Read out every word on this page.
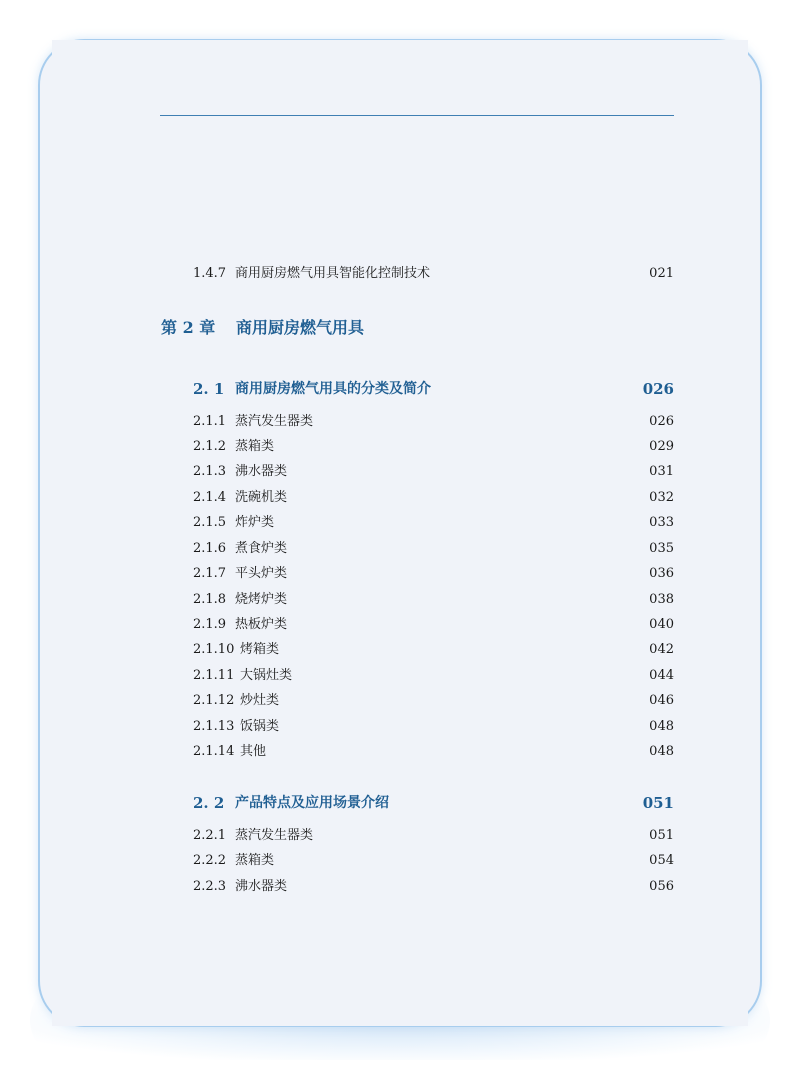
1.4.7 商用厨房燃气用具智能化控制技术	021
第 2 章 商用厨房燃气用具
2. 1 商用厨房燃气用具的分类及简介	026
2.1.1 蒸汽发生器类	026
2.1.2 蒸箱类	029
2.1.3 沸水器类	031
2.1.4 洗碗机类	032
2.1.5 炸炉类	033
2.1.6 煮食炉类	035
2.1.7 平头炉类	036
2.1.8 烧烤炉类	038
2.1.9 热板炉类	040
2.1.10 烤箱类	042
2.1.11 大锅灶类	044
2.1.12 炒灶类	046
2.1.13 饭锅类	048
2.1.14 其他	048
2. 2 产品特点及应用场景介绍	051
2.2.1 蒸汽发生器类	051
2.2.2 蒸箱类	054
2.2.3 沸水器类	056
